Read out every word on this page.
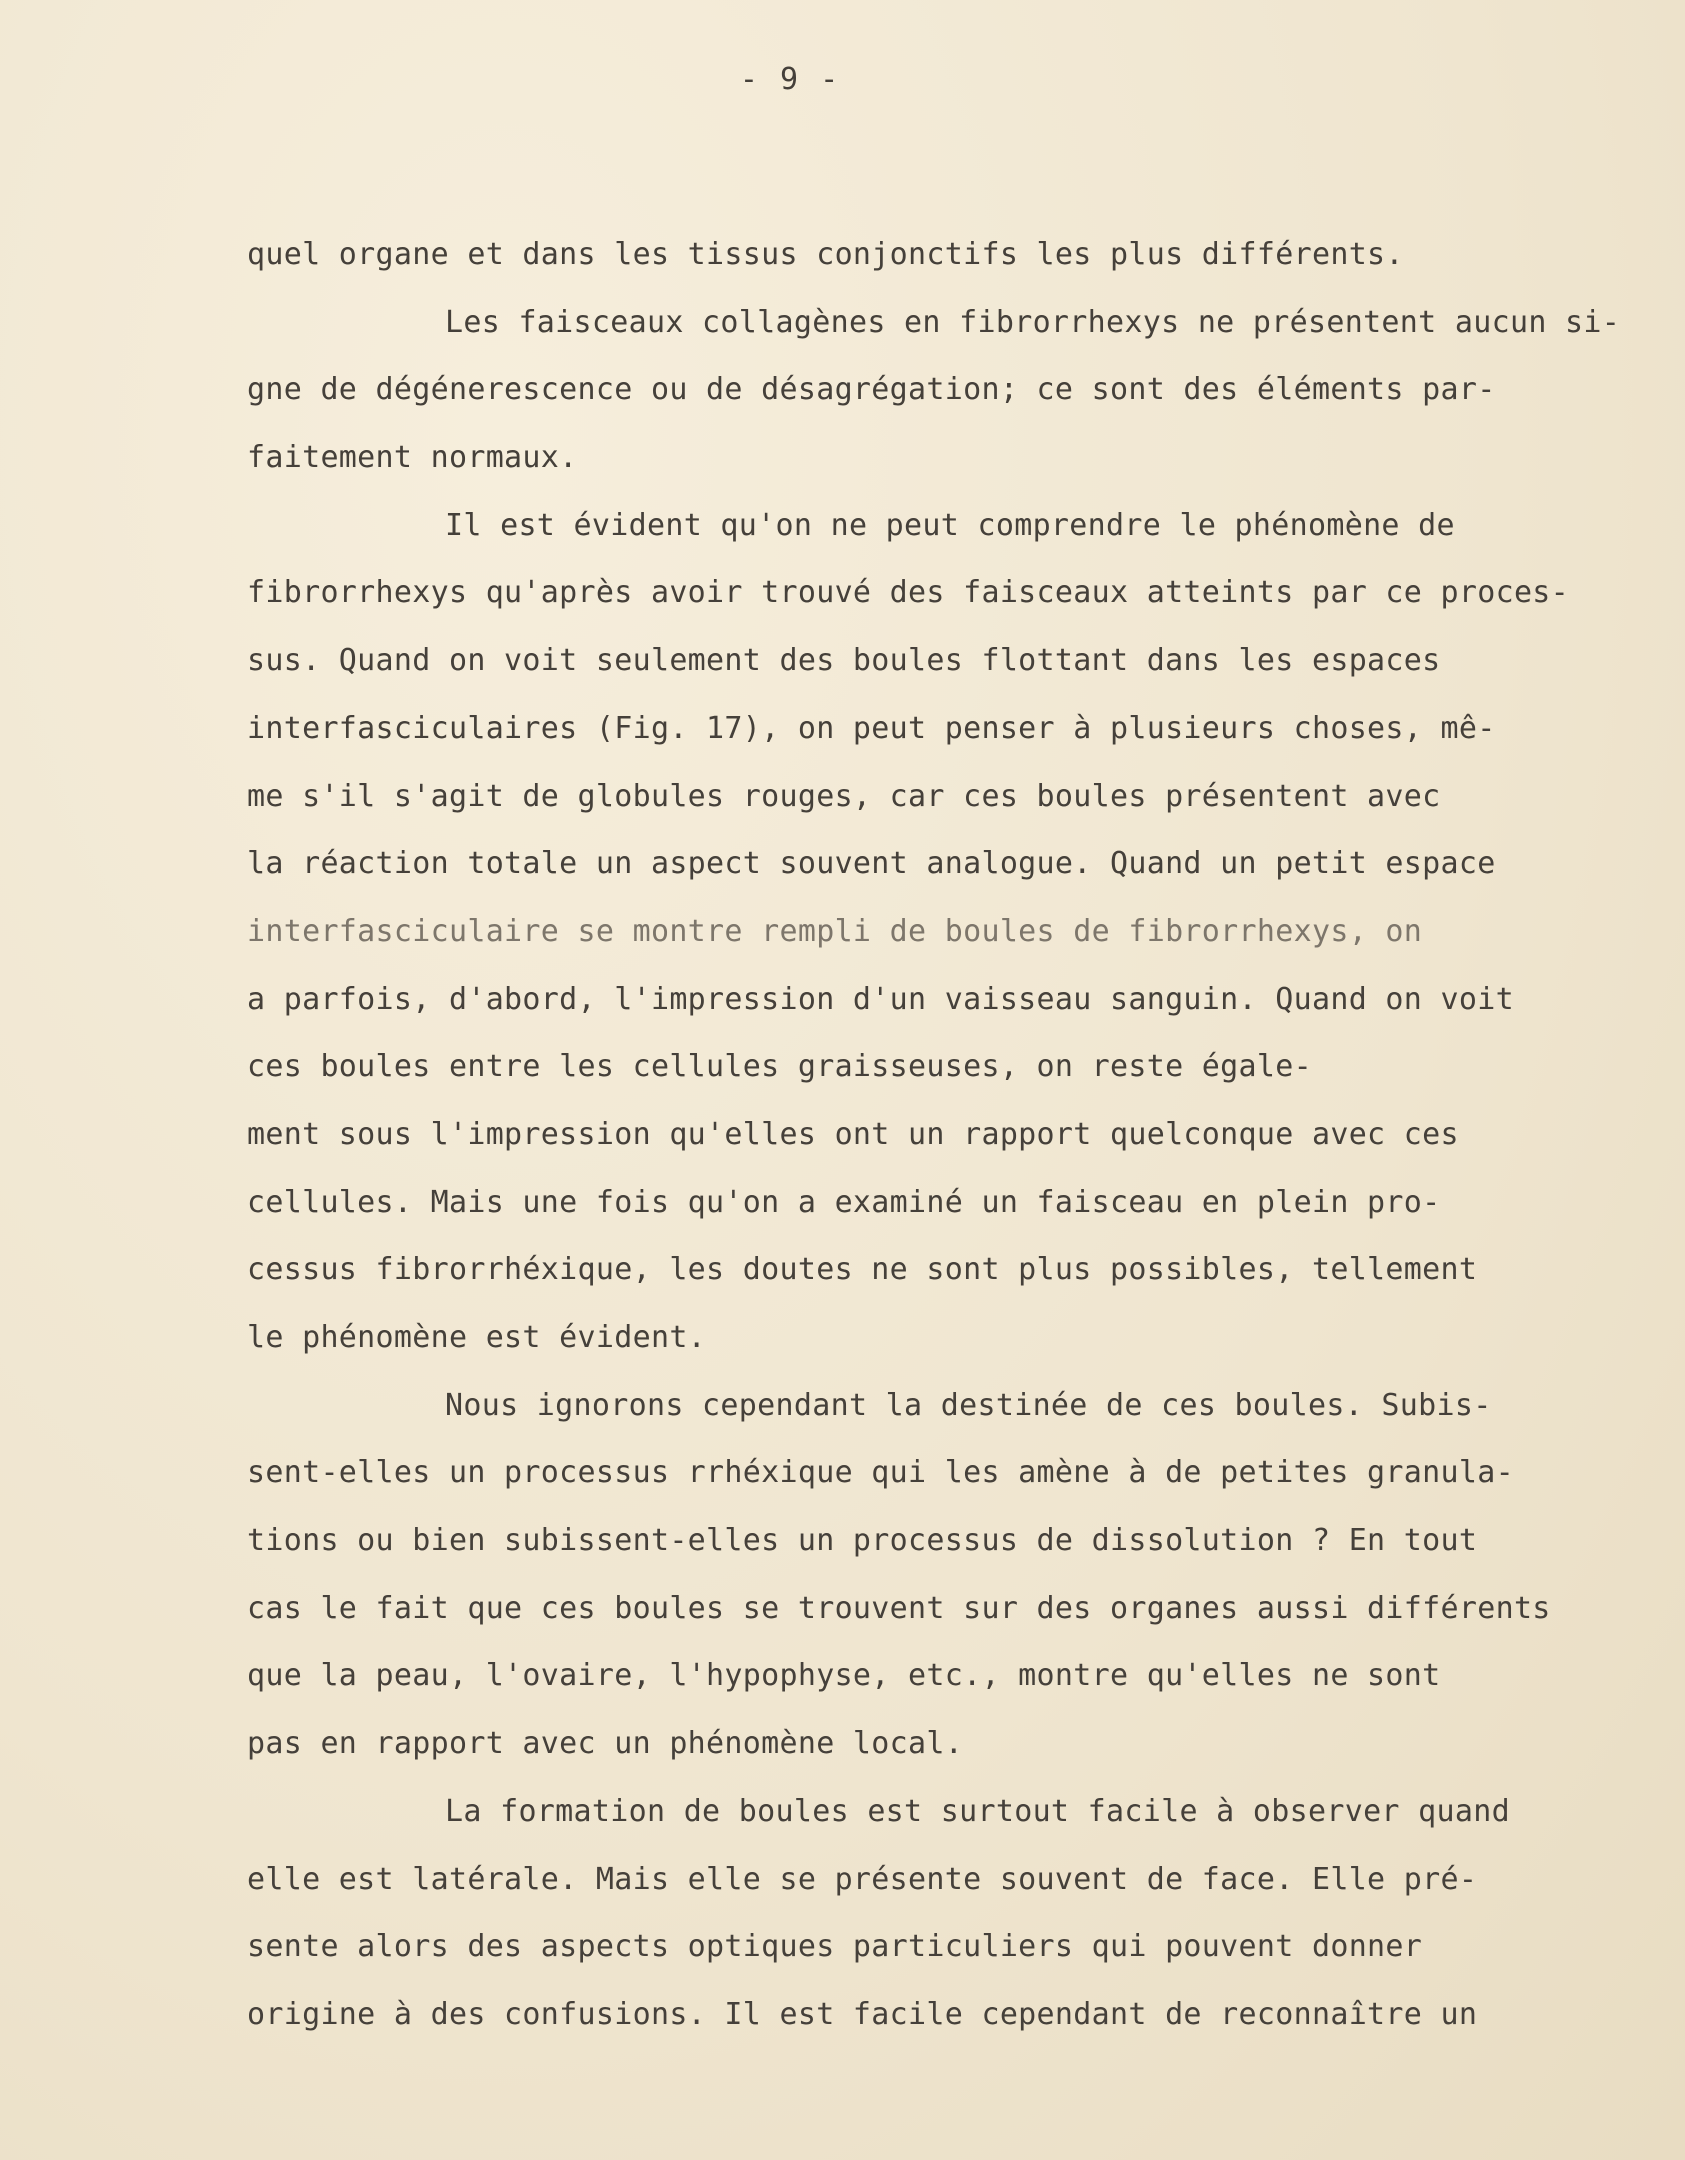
- 9 -
quel organe et dans les tissus conjonctifs les plus différents.
Les faisceaux collagènes en fibrorrhexys ne présentent aucun si-
gne de dégénerescence ou de désagrégation; ce sont des éléments par-
faitement normaux.
Il est évident qu'on ne peut comprendre le phénomène de
fibrorrhexys qu'après avoir trouvé des faisceaux atteints par ce proces-
sus. Quand on voit seulement des boules flottant dans les espaces
interfasciculaires (Fig. 17), on peut penser à plusieurs choses, mê-
me s'il s'agit de globules rouges, car ces boules présentent avec
la réaction totale un aspect souvent analogue. Quand un petit espace
interfasciculaire se montre rempli de boules de fibrorrhexys, on
a parfois, d'abord, l'impression d'un vaisseau sanguin. Quand on voit
ces boules entre les cellules graisseuses, on reste égale-
ment sous l'impression qu'elles ont un rapport quelconque avec ces
cellules. Mais une fois qu'on a examiné un faisceau en plein pro-
cessus fibrorrhéxique, les doutes ne sont plus possibles, tellement
le phénomène est évident.
Nous ignorons cependant la destinée de ces boules. Subis-
sent-elles un processus rrhéxique qui les amène à de petites granula-
tions ou bien subissent-elles un processus de dissolution ? En tout
cas le fait que ces boules se trouvent sur des organes aussi différents
que la peau, l'ovaire, l'hypophyse, etc., montre qu'elles ne sont
pas en rapport avec un phénomène local.
La formation de boules est surtout facile à observer quand
elle est latérale. Mais elle se présente souvent de face. Elle pré-
sente alors des aspects optiques particuliers qui pouvent donner
origine à des confusions. Il est facile cependant de reconnaître un
